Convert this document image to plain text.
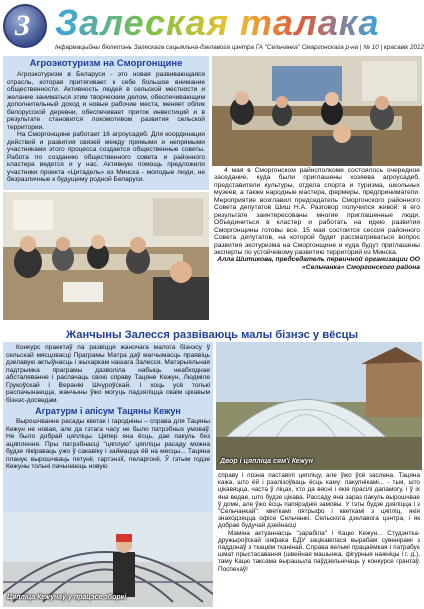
З Залеская талака
Інфармацыйны бюлетэнь Залескага сацыяльна-дзелавога цэнтра ГА "Сельчанка" Смаргонскага р-на | № 10 | красавік 2012
Агроэкотуризм на Сморгонщине

Агроэкотуризм в Беларуси - это новая развивающаяся отрасль, которая притягивает к себе большое внимание общественности. Активность людей в сельской местности и желание заниматься этим творческим делом, обеспечивающим дополнительный доход и новые рабочие места, меняет облик белорусской деревни, обеспечивает приток инвестиций и в результате становится локомотивом развития сельской территории.

На Сморгонщине работает 16 агроусадеб. Для координации действий и развития связей между прямыми и непрямыми участниками этого процесса создается общественные советы. Работа по созданию общественного совета и районного кластера ведется и у нас. Активную помощь предложили участники проекта «Цитадель» из Минска - молодые люди, не безразличные к будущему родной Беларуси.

4 мая в Сморгонском райисполкоме состоялось очередное заседание, куда были приглашены хозяева агроусадеб, представители культуры, отдела спорта и туризма, школьных музеев, а также народные мастера, фермеры, предприниматели. Мероприятие возглавил председатель Сморгонского районного Совета депутатов Шиш Н.А. Разговор получился живой: в его результате заинтересованы многие приглашенные люди. Объединиться в кластер и работать на идею развития Сморгонщины готовы все. 15 мая состоится сессия районного Совета депутатов, на которой будет рассматриваться вопрос развития экотуризма на Сморгонщине и куда будут приглашены эксперты по устойчивому развитию территорий из Минска.

Алла Шитикова, председатель первичной организации ОО «Сельчанка» Сморгонского района

Жанчыны Залесся развіваюць малы бізнэс у вёсцы

Конкурс праектаў па развіцця жаночага малога бізнэсу ў сельскай мясцовасці Праграмы Матра даў магчымасць праявіць дзелавую актыўнасць і жыхаркам нашага Залесся. Матэрыяльная падтрымка праграмы дазволіла набыць неабходнае абсталяванне і распачаць свою справу Тацяне Кежун, Людміле Грукоўскай і Веранікі Шчуроўскай. І хоць усё толькі распачынаецца, жанчыны ўжо могуць падзяліцца сваім цікавым бізнэс-досведам.

Агратурм і апісум Тацяны Кежун

Вырошчванне расады кветак і гароднiны – справа для Тацяны Кежун не новая, але да гэтага часу не было патрэбных умоваў. Не было добрай цяпліцы. Цяпер яна ёсць, дае пакуль без ацяплення. Пры патрэбнасці "цяплую" цяпліцы расаду можна будзе пікіраваць ужо ў сакавіку і займацца ёй на месцы... Тацяна планує вырошчваць петуніі, гартэнзії, пеларгоніі. Ў гэтым годзе Кежуны тольні пачынаюць новую

Двор і цяпліца сям'і Кежун
Цяпліца Кежунаў у працэсе зборкі

справу і поэна паставілі цяпліцу, але ўжо ўсё заслена. Тацяна кажа, што ёй і рэалізоўваць ёсць каму: пакупнікамі... - тыя, што цікавяцца, часта ў ліцах, хто да вясні і якія прасілі дапамогу, і ў іх яна ведае, што будзе цікава. Рассаду яна зараз пакуль вырошчвае ў доме, але ўжо ёсць папярэднія замовы. У гэты будзе дзяліцца і з "Сельчанкай": кветкамі пятрыфо і кветкамі з цяпліц, якія знаходзяцца офісе Сельчанкі. Сельскога дзелавога цэнтра, і як добрае будучай дзейнасці

Мамінa актуаннасць "зарабіла" і Кацю Кежун... Студэнтка-дружыроўскай ізяфака БДУ зацікавілася вырабам сувенірамі з паддонаў з ткацкім тканінай. Справа вельмі працаёмкая і патрабує шмат прыстасавання (швейная машынка, фігурныя нажніцы і г. д.), таму Кацю таксама вырашыла паўдзельнічаць у конкурсе грантаў. Поспехаў!
